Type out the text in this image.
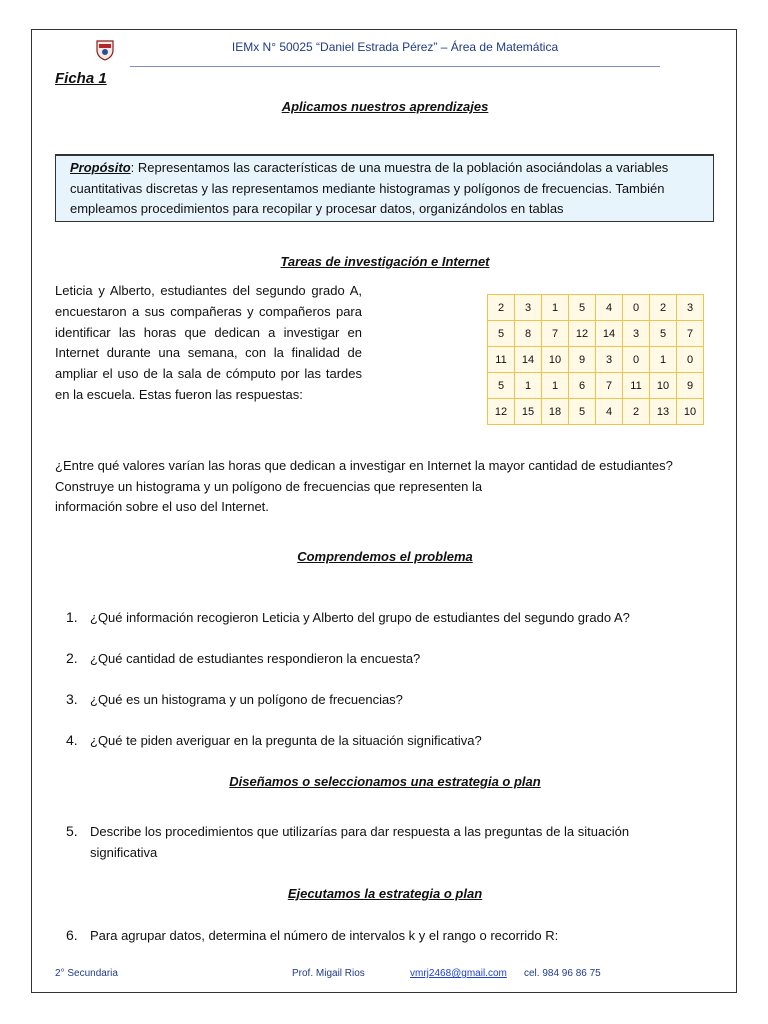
IEMx N° 50025 “Daniel Estrada Pérez” – Área de Matemática
Ficha 1
Aplicamos nuestros aprendizajes
Propósito: Representamos las características de una muestra de la población asociándolas a variables cuantitativas discretas y las representamos mediante histogramas y polígonos de frecuencias. También empleamos procedimientos para recopilar y procesar datos, organizándolos en tablas
Tareas de investigación e Internet
Leticia y Alberto, estudiantes del segundo grado A, encuestaron a sus compañeras y compañeros para identificar las horas que dedican a investigar en Internet durante una semana, con la finalidad de ampliar el uso de la sala de cómputo por las tardes en la escuela. Estas fueron las respuestas:
2	3	1	5	4	0	2	3
5	8	7	12	14	3	5	7
11	14	10	9	3	0	1	0
5	1	1	6	7	11	10	9
12	15	18	5	4	2	13	10
¿Entre qué valores varían las horas que dedican a investigar en Internet la mayor cantidad de estudiantes?
Construye un histograma y un polígono de frecuencias que representen la
información sobre el uso del Internet.
Comprendemos el problema
1. ¿Qué información recogieron Leticia y Alberto del grupo de estudiantes del segundo grado A?
2. ¿Qué cantidad de estudiantes respondieron la encuesta?
3. ¿Qué es un histograma y un polígono de frecuencias?
4. ¿Qué te piden averiguar en la pregunta de la situación significativa?
Diseñamos o seleccionamos una estrategia o plan
5. Describe los procedimientos que utilizarías para dar respuesta a las preguntas de la situación significativa
Ejecutamos la estrategia o plan
6. Para agrupar datos, determina el número de intervalos k y el rango o recorrido R:
2° Secundaria	Prof. Migail Rios	vmrj2468@gmail.com cel. 984 96 86 75
